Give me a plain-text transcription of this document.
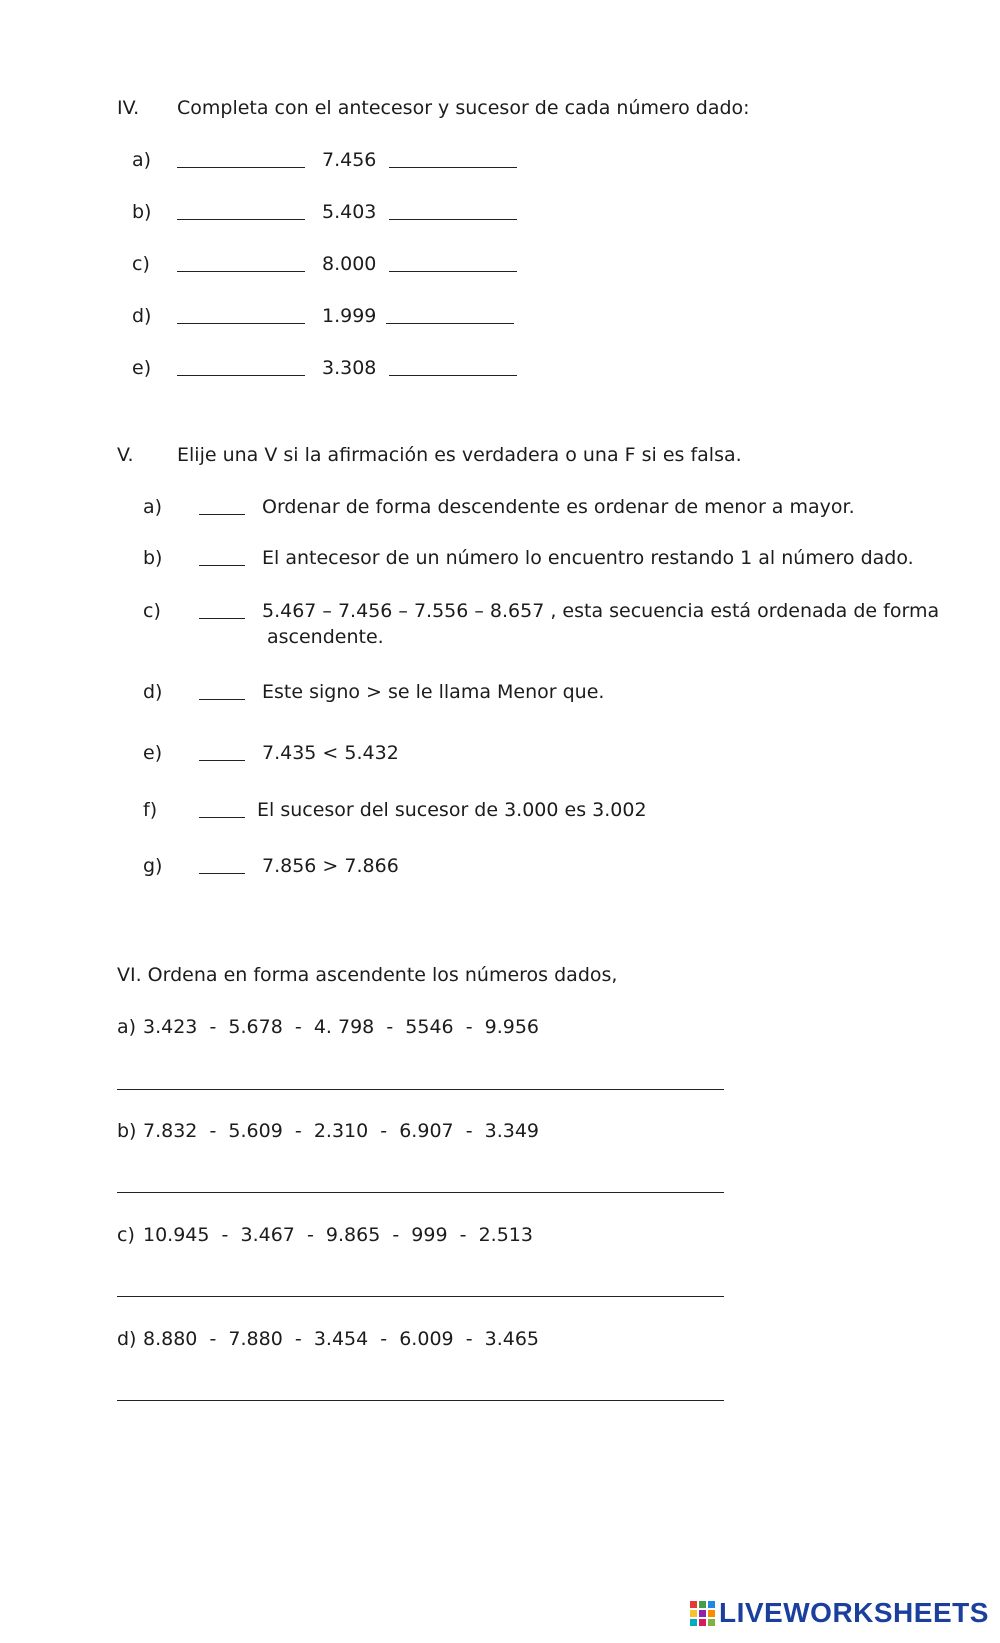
IV. Completa con el antecesor y sucesor de cada número dado:
a)	7.456
b)	5.403
c)	8.000
d)	1.999
e)	3.308
V. Elije una V si la afirmación es verdadera o una F si es falsa.
a)	Ordenar de forma descendente es ordenar de menor a mayor.
b)	El antecesor de un número lo encuentro restando 1 al número dado.
c)	5.467 – 7.456 – 7.556 – 8.657 , esta secuencia está ordenada de forma
ascendente.
d)	Este signo > se le llama Menor que.
e)	7.435 < 5.432
f)	El sucesor del sucesor de 3.000 es 3.002
g)	7.856 > 7.866
VI. Ordena en forma ascendente los números dados,
a) 3.423  -  5.678  -  4. 798  -  5546  -  9.956
b) 7.832  -  5.609  -  2.310  -  6.907  -  3.349
c) 10.945  -  3.467  -  9.865  -  999  -  2.513
d) 8.880  -  7.880  -  3.454  -  6.009  -  3.465
LIVEWORKSHEETS
